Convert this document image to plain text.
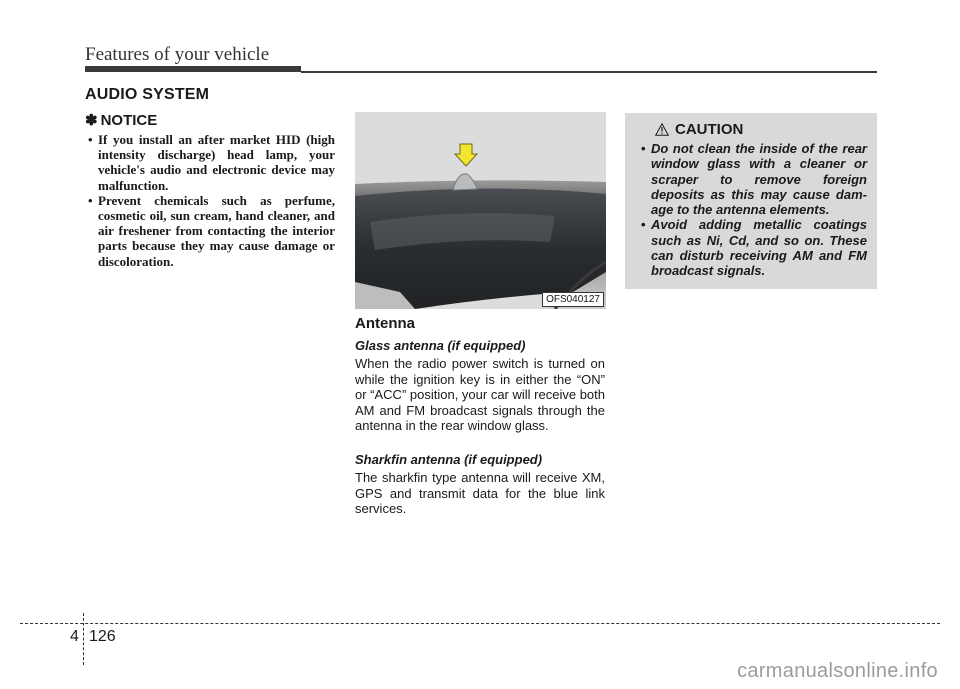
Features of your vehicle
AUDIO SYSTEM
✽ NOTICE
• If you install an after market HID (high intensity discharge) head lamp, your vehicle's audio and electronic device may malfunction.
• Prevent chemicals such as perfume, cosmetic oil, sun cream, hand cleaner, and air freshener from contacting the interior parts because they may cause damage or discoloration.
OFS040127
Antenna
Glass antenna (if equipped)

When the radio power switch is turned on while the ignition key is in either the “ON” or “ACC” position, your car will receive both AM and FM broadcast signals through the antenna in the rear window glass.

Sharkfin antenna (if equipped)

The sharkfin type antenna will receive XM, GPS and transmit data for the blue link services.

CAUTION
• Do not clean the inside of the rear window glass with a cleaner or scraper to remove foreign deposits as this may cause dam-age to the antenna elements.
• Avoid adding metallic coatings such as Ni, Cd, and so on. These can disturb receiving AM and FM broadcast signals.
4 126
carmanualsonline.info
